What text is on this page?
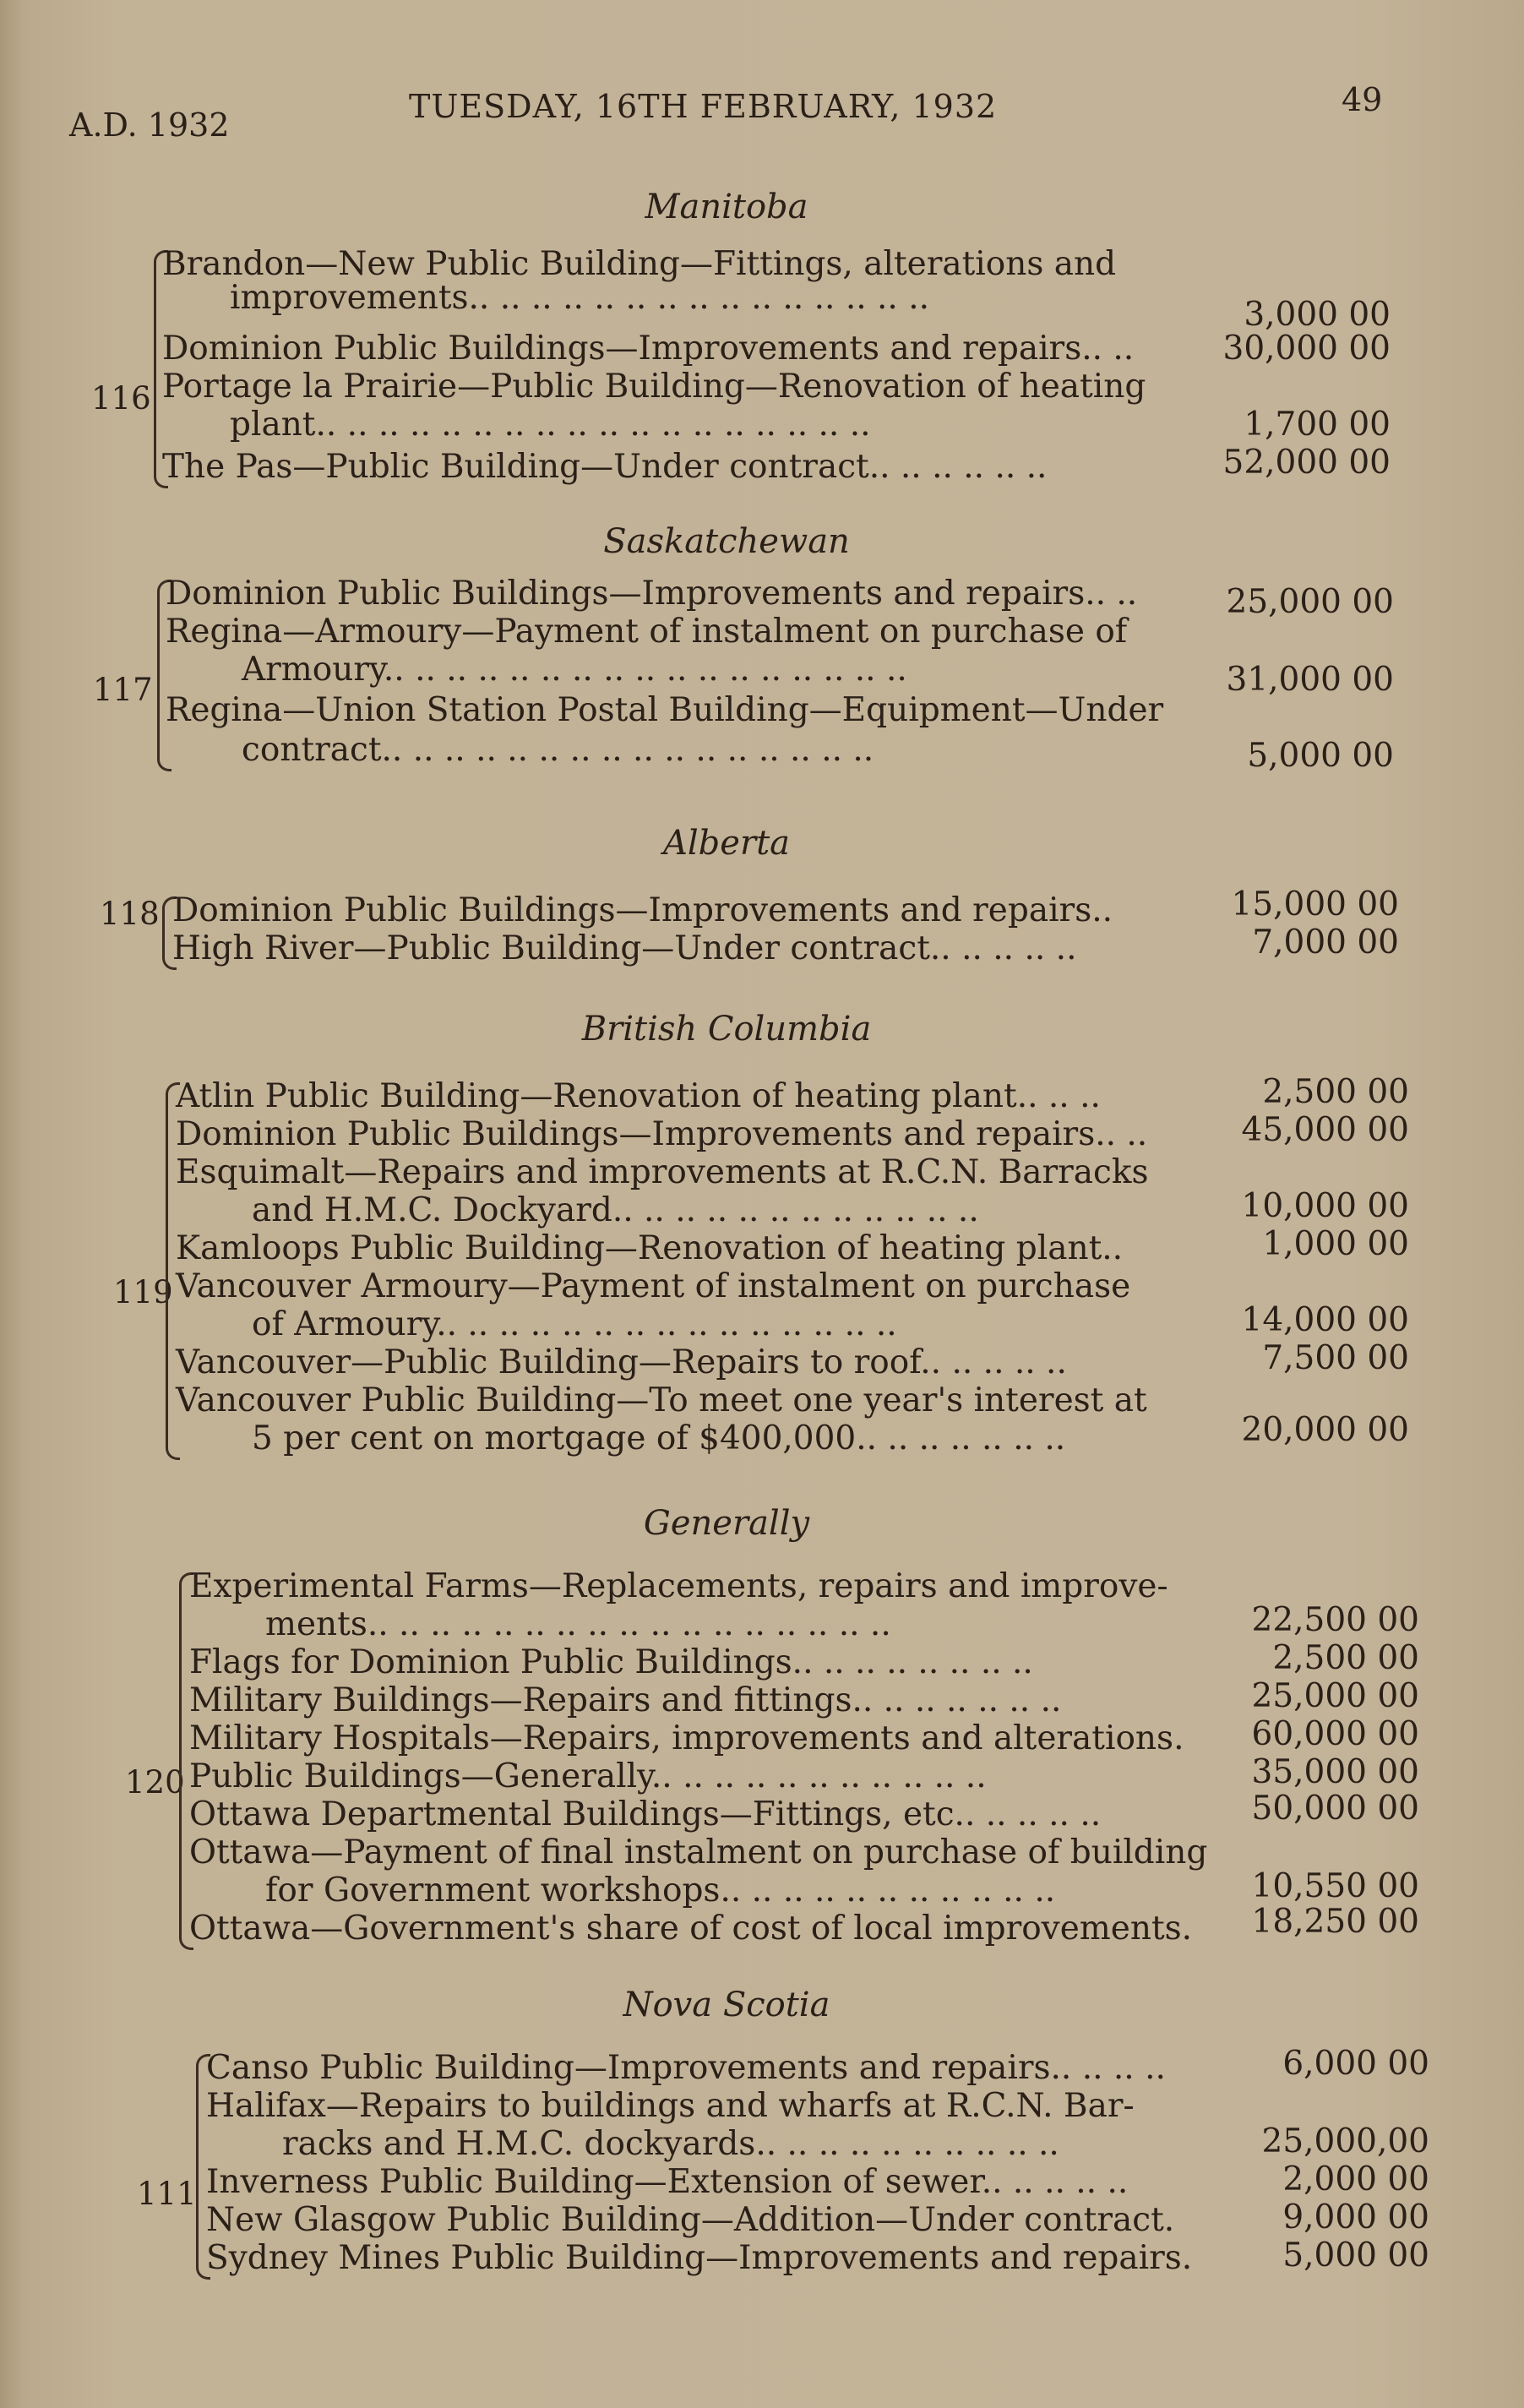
A.D. 1932	TUESDAY, 16TH FEBRUARY, 1932	49
Manitoba
116
Brandon—New Public Building—Fittings, alterations and
improvements.. .. .. .. .. .. .. .. .. .. .. .. .. .. ..	3,000 00
Dominion Public Buildings—Improvements and repairs.. ..	30,000 00
Portage la Prairie—Public Building—Renovation of heating
plant.. .. .. .. .. .. .. .. .. .. .. .. .. .. .. .. .. ..	1,700 00
The Pas—Public Building—Under contract.. .. .. .. .. ..	52,000 00
Saskatchewan
117
Dominion Public Buildings—Improvements and repairs.. ..	25,000 00
Regina—Armoury—Payment of instalment on purchase of
Armoury.. .. .. .. .. .. .. .. .. .. .. .. .. .. .. .. ..	31,000 00
Regina—Union Station Postal Building—Equipment—Under
contract.. .. .. .. .. .. .. .. .. .. .. .. .. .. .. ..	5,000 00
Alberta
118 Dominion Public Buildings—Improvements and repairs..	15,000 00
High River—Public Building—Under contract.. .. .. .. ..	7,000 00
British Columbia
119
Atlin Public Building—Renovation of heating plant.. .. ..	2,500 00
Dominion Public Buildings—Improvements and repairs.. ..	45,000 00
Esquimalt—Repairs and improvements at R.C.N. Barracks
and H.M.C. Dockyard.. .. .. .. .. .. .. .. .. .. .. ..	10,000 00
Kamloops Public Building—Renovation of heating plant..	1,000 00
Vancouver Armoury—Payment of instalment on purchase
of Armoury.. .. .. .. .. .. .. .. .. .. .. .. .. .. ..	14,000 00
Vancouver—Public Building—Repairs to roof.. .. .. .. ..	7,500 00
Vancouver Public Building—To meet one year's interest at
5 per cent on mortgage of $400,000.. .. .. .. .. .. ..	20,000 00
Generally
120
Experimental Farms—Replacements, repairs and improve-
ments.. .. .. .. .. .. .. .. .. .. .. .. .. .. .. .. ..	22,500 00
Flags for Dominion Public Buildings.. .. .. .. .. .. .. ..	2,500 00
Military Buildings—Repairs and fittings.. .. .. .. .. .. ..	25,000 00
Military Hospitals—Repairs, improvements and alterations.	60,000 00
Public Buildings—Generally.. .. .. .. .. .. .. .. .. .. ..	35,000 00
Ottawa Departmental Buildings—Fittings, etc.. .. .. .. ..	50,000 00
Ottawa—Payment of final instalment on purchase of building
for Government workshops.. .. .. .. .. .. .. .. .. .. ..	10,550 00
Ottawa—Government's share of cost of local improvements.	18,250 00
Nova Scotia
111
Canso Public Building—Improvements and repairs.. .. .. ..	6,000 00
Halifax—Repairs to buildings and wharfs at R.C.N. Bar-
racks and H.M.C. dockyards.. .. .. .. .. .. .. .. .. ..	25,000,00
Inverness Public Building—Extension of sewer.. .. .. .. ..	2,000 00
New Glasgow Public Building—Addition—Under contract.	9,000 00
Sydney Mines Public Building—Improvements and repairs.	5,000 00
